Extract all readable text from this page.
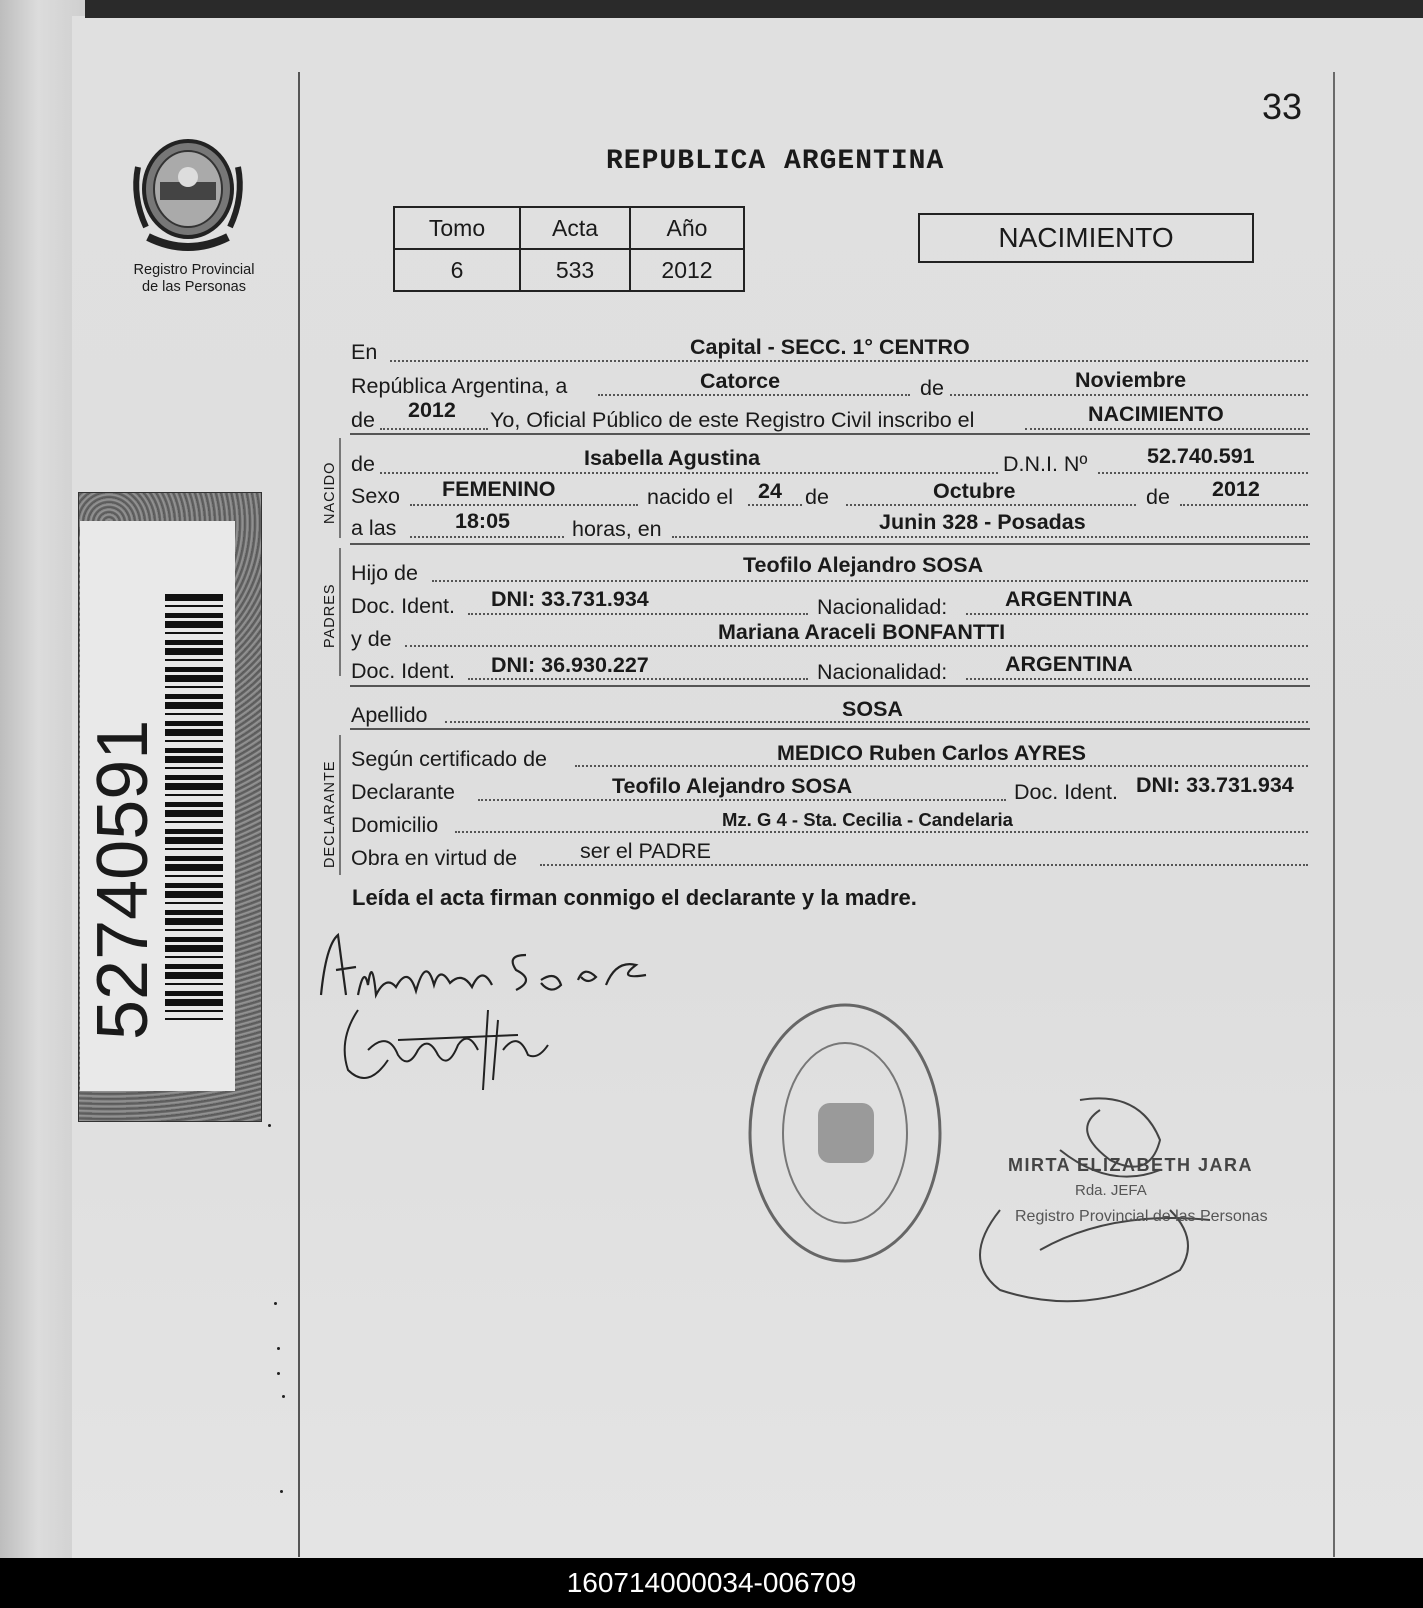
Registro Provincial
de las Personas
52740591
33
REPUBLICA ARGENTINA
Tomo	Acta	Año
6	533	2012
NACIMIENTO
En	Capital - SECC. 1° CENTRO
República Argentina, a	Catorce	de	Noviembre
de 2012 Yo, Oficial Público de este Registro Civil inscribo el	NACIMIENTO
NACIDO de	Isabella Agustina	D.N.I. Nº	52.740.591
Sexo FEMENINO	nacido el 24 de	Octubre	de 2012
a las	18:05	horas, en	Junin 328 - Posadas
PADRES
Hijo de	Teofilo Alejandro SOSA
Doc. Ident. DNI: 33.731.934	Nacionalidad:	ARGENTINA
y de	Mariana Araceli BONFANTTI
Doc. Ident. DNI: 36.930.227	Nacionalidad:	ARGENTINA
Apellido	SOSA
DECLARANTE
Según certificado de	MEDICO Ruben Carlos AYRES
Declarante	Teofilo Alejandro SOSA	Doc. Ident. DNI: 33.731.934
Domicilio	Mz. G 4 - Sta. Cecilia - Candelaria
Obra en virtud de	ser el PADRE
Leída el acta firman conmigo el declarante y la madre.
MIRTA ELIZABETH JARA
Rda. JEFA
Registro Provincial de las Personas
160714000034-006709
